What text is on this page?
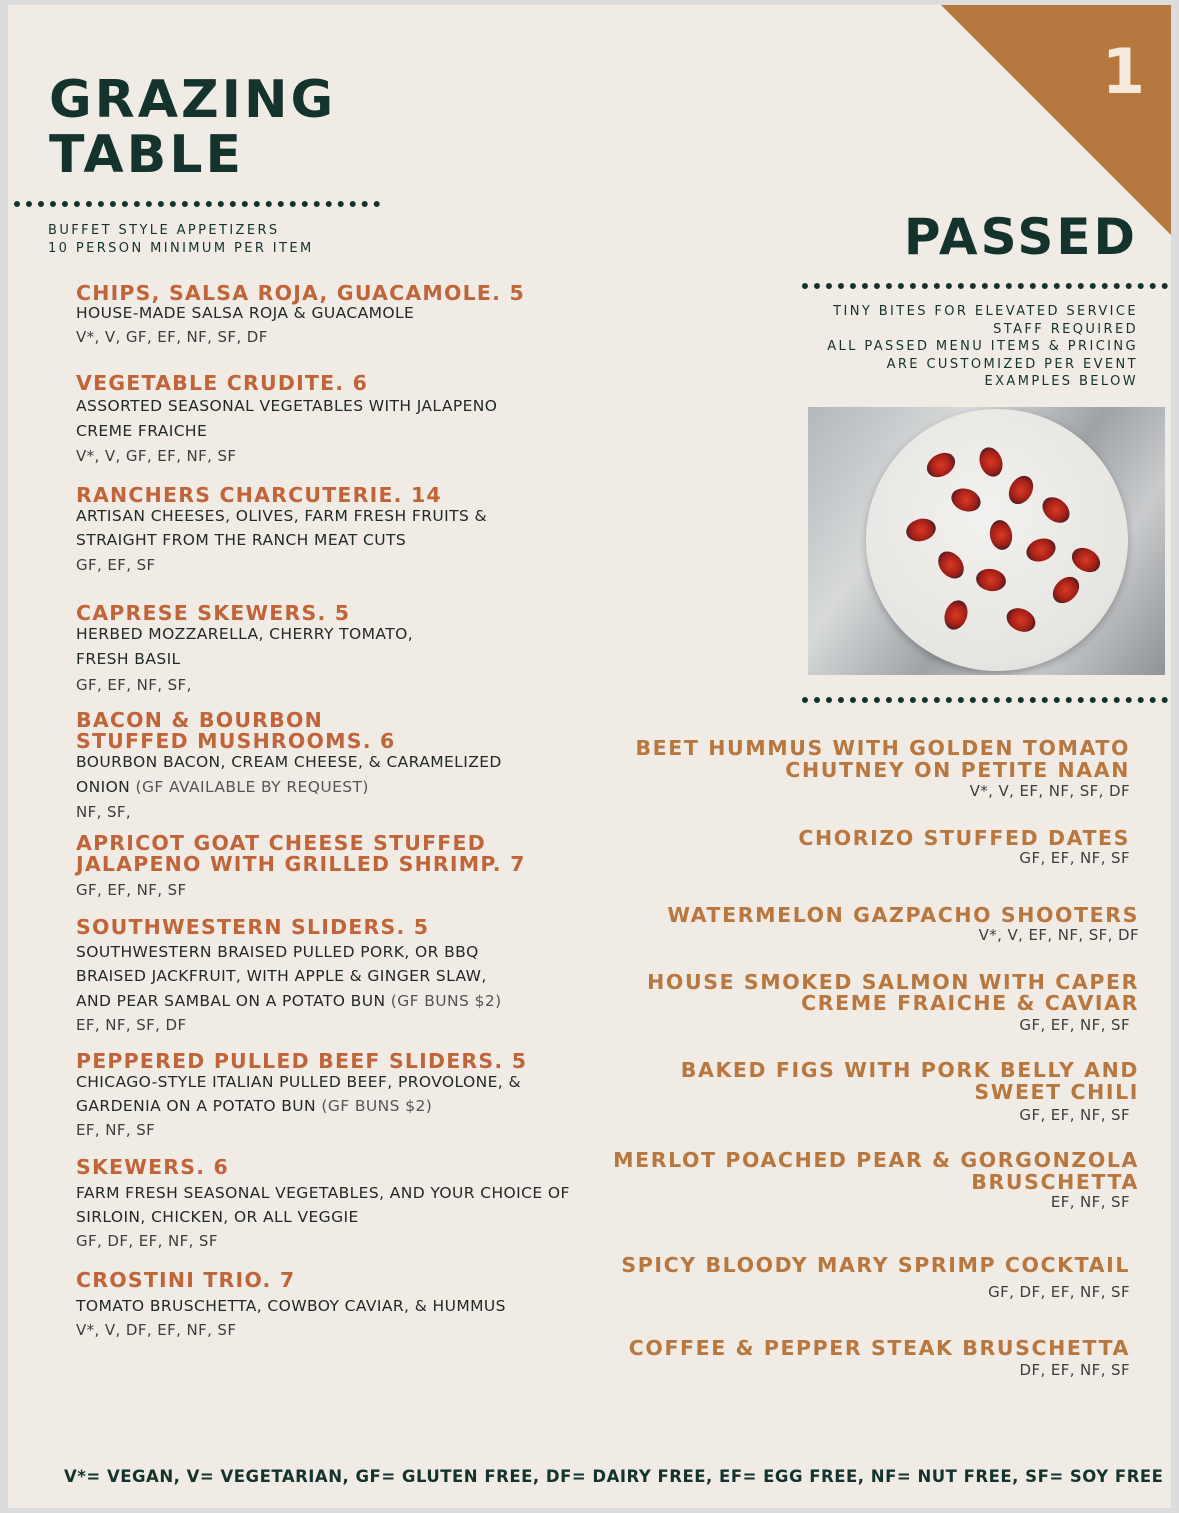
1
GRAZING
TABLE
BUFFET STYLE APPETIZERS
10 PERSON MINIMUM PER ITEM
CHIPS, SALSA ROJA, GUACAMOLE. 5
HOUSE-MADE SALSA ROJA & GUACAMOLE
V*, V, GF, EF, NF, SF, DF
VEGETABLE CRUDITE. 6
ASSORTED SEASONAL VEGETABLES WITH JALAPENO
CREME FRAICHE
V*, V, GF, EF, NF, SF
RANCHERS CHARCUTERIE. 14
ARTISAN CHEESES, OLIVES, FARM FRESH FRUITS &
STRAIGHT FROM THE RANCH MEAT CUTS
GF, EF, SF
CAPRESE SKEWERS. 5
HERBED MOZZARELLA, CHERRY TOMATO,
FRESH BASIL
GF, EF, NF, SF,
BACON & BOURBON
STUFFED MUSHROOMS. 6
BOURBON BACON, CREAM CHEESE, & CARAMELIZED
ONION (GF AVAILABLE BY REQUEST)
NF, SF,
APRICOT GOAT CHEESE STUFFED
JALAPENO WITH GRILLED SHRIMP. 7
GF, EF, NF, SF
SOUTHWESTERN SLIDERS. 5
SOUTHWESTERN BRAISED PULLED PORK, OR BBQ
BRAISED JACKFRUIT, WITH APPLE & GINGER SLAW,
AND PEAR SAMBAL ON A POTATO BUN (GF BUNS $2)
EF, NF, SF, DF
PEPPERED PULLED BEEF SLIDERS. 5
CHICAGO-STYLE ITALIAN PULLED BEEF, PROVOLONE, &
GARDENIA ON A POTATO BUN (GF BUNS $2)
EF, NF, SF
SKEWERS. 6
FARM FRESH SEASONAL VEGETABLES, AND YOUR CHOICE OF
SIRLOIN, CHICKEN, OR ALL VEGGIE
GF, DF, EF, NF, SF
CROSTINI TRIO. 7
TOMATO BRUSCHETTA, COWBOY CAVIAR, & HUMMUS
V*, V, DF, EF, NF, SF
PASSED
TINY BITES FOR ELEVATED SERVICE
STAFF REQUIRED
ALL PASSED MENU ITEMS & PRICING
ARE CUSTOMIZED PER EVENT
EXAMPLES BELOW
BEET HUMMUS WITH GOLDEN TOMATO
CHUTNEY ON PETITE NAAN
V*, V, EF, NF, SF, DF
CHORIZO STUFFED DATES
GF, EF, NF, SF
WATERMELON GAZPACHO SHOOTERS
V*, V, EF, NF, SF, DF
HOUSE SMOKED SALMON WITH CAPER
CREME FRAICHE & CAVIAR
GF, EF, NF, SF
BAKED FIGS WITH PORK BELLY AND
SWEET CHILI
GF, EF, NF, SF
MERLOT POACHED PEAR & GORGONZOLA
BRUSCHETTA
EF, NF, SF
SPICY BLOODY MARY SPRIMP COCKTAIL
GF, DF, EF, NF, SF
COFFEE & PEPPER STEAK BRUSCHETTA
DF, EF, NF, SF
V*= VEGAN, V= VEGETARIAN, GF= GLUTEN FREE, DF= DAIRY FREE, EF= EGG FREE, NF= NUT FREE, SF= SOY FREE
